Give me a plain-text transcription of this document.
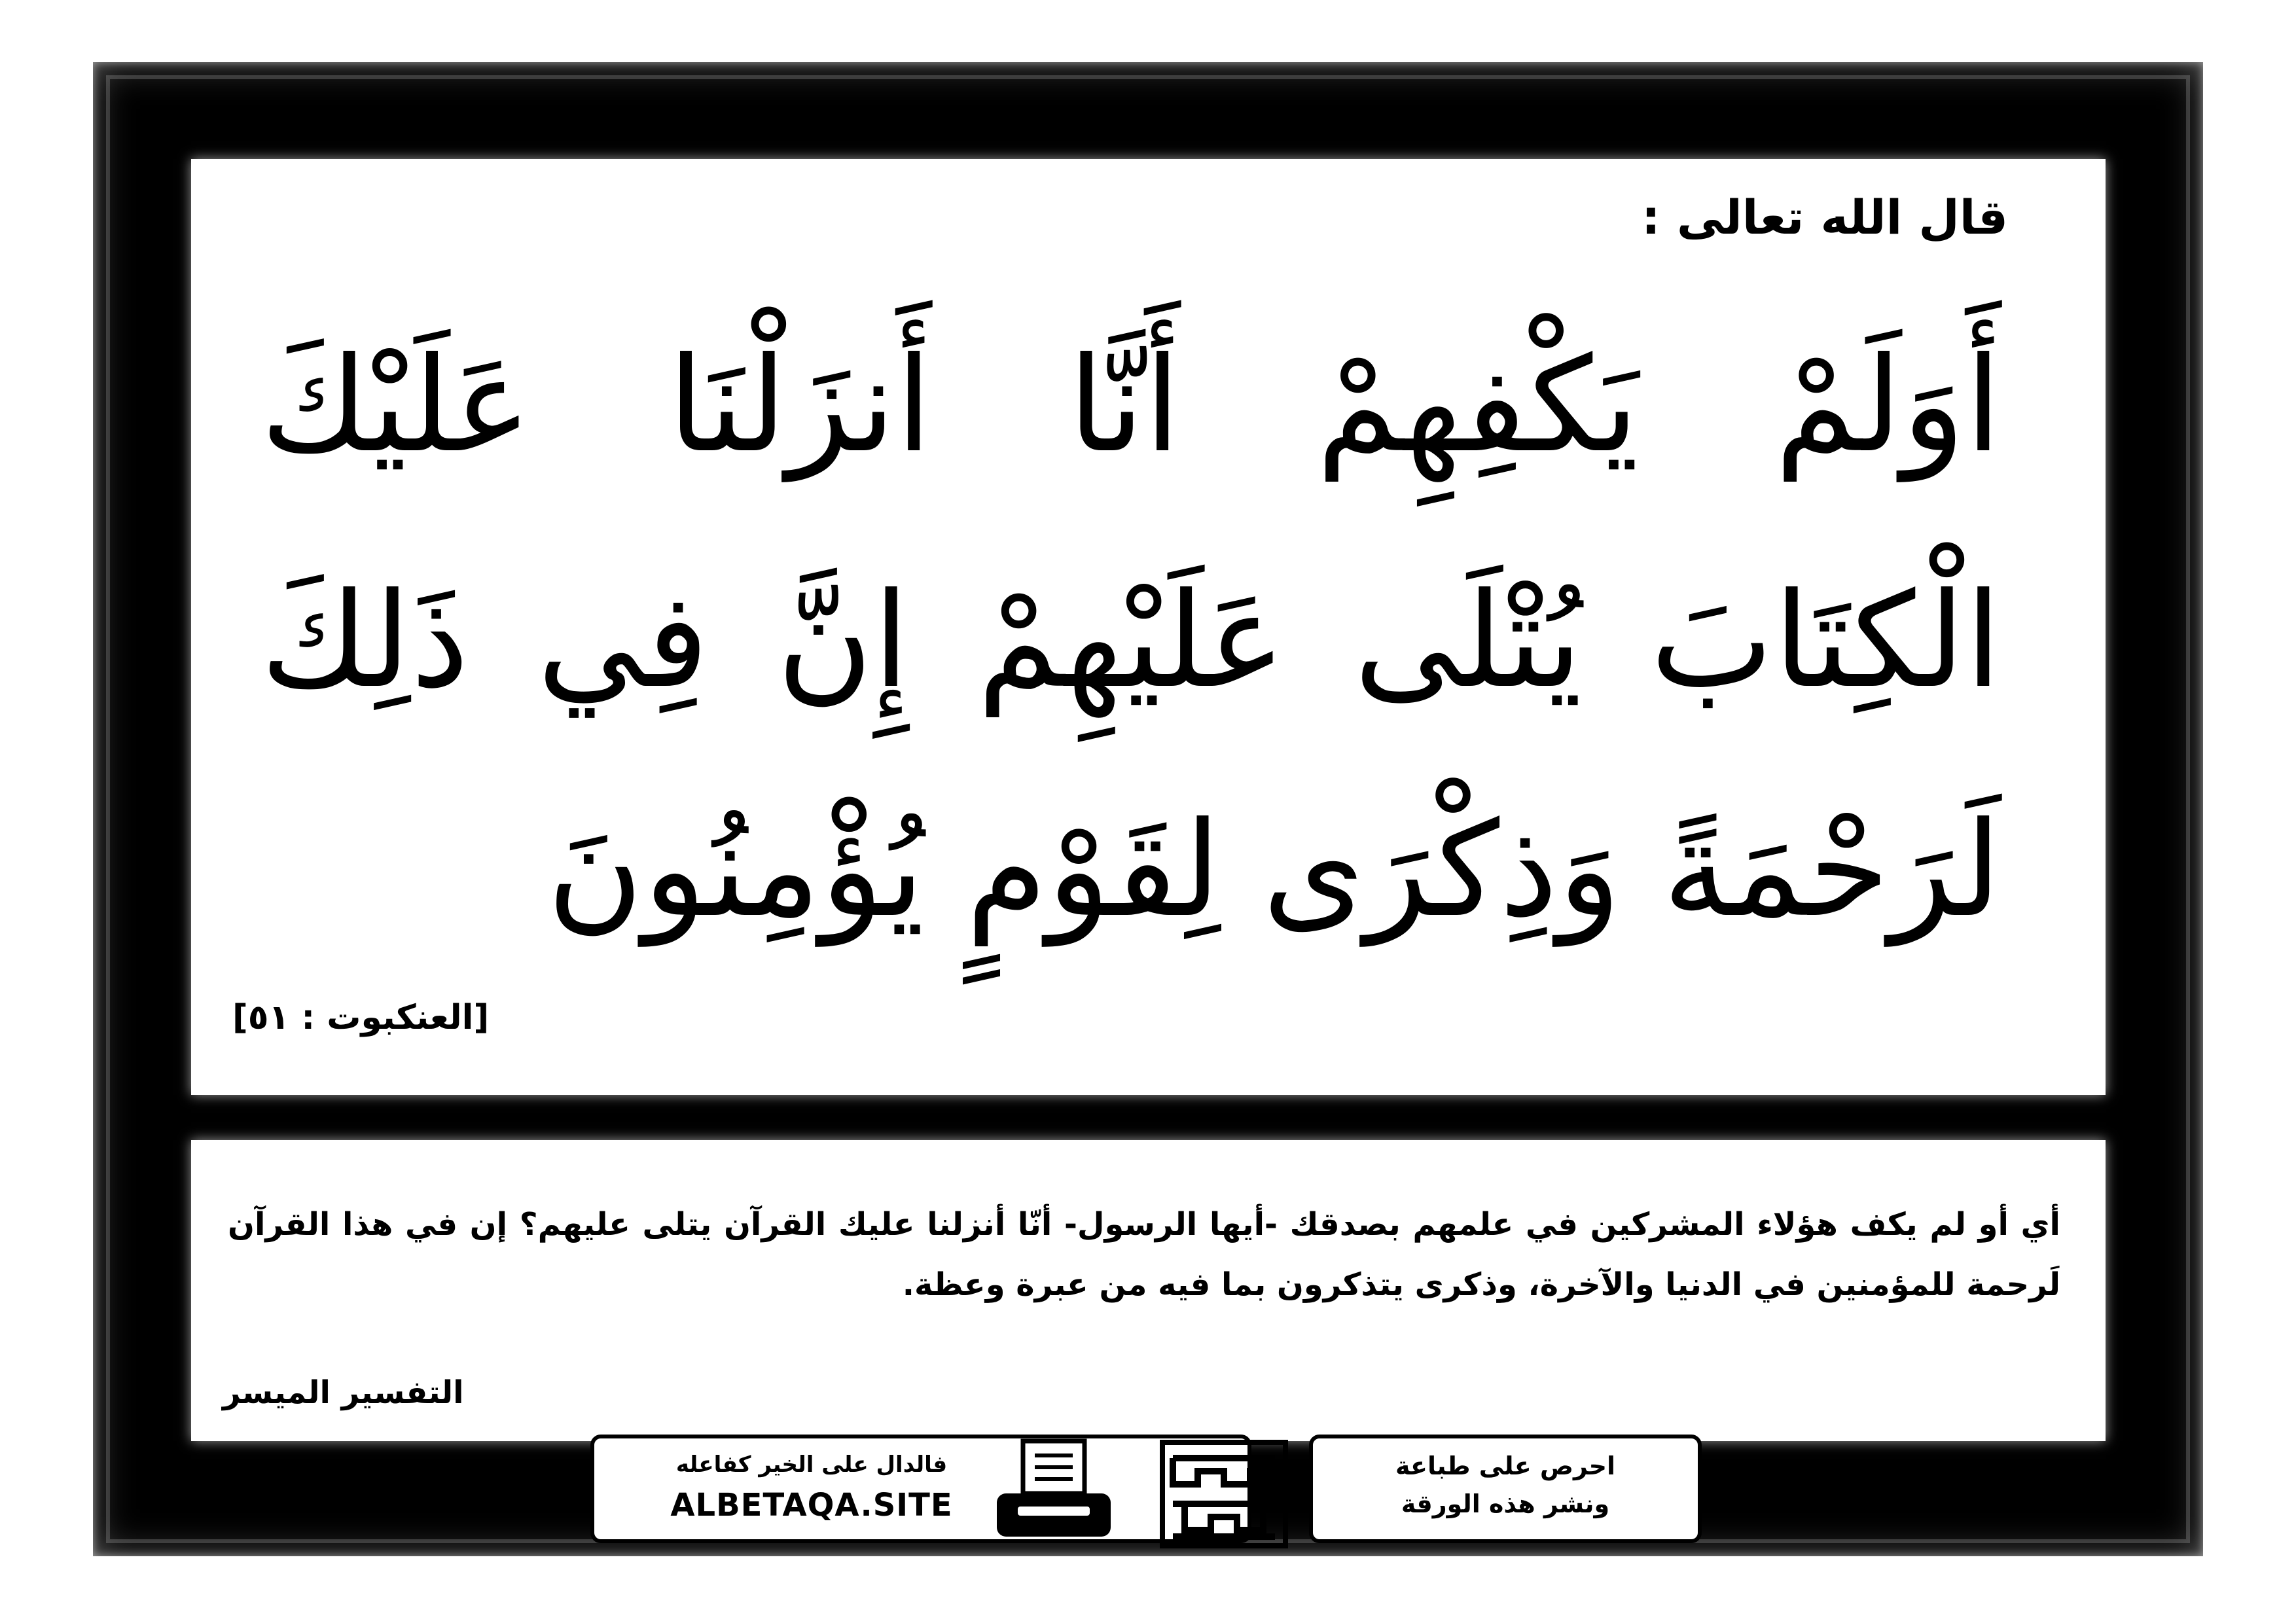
قال الله تعالى :
أَوَلَمْ يَكْفِهِمْ أَنَّا أَنزَلْنَا عَلَيْكَ
الْكِتَابَ يُتْلَى عَلَيْهِمْ إِنَّ فِي ذَلِكَ
لَرَحْمَةً وَذِكْرَى لِقَوْمٍ يُؤْمِنُونَ
[العنكبوت : ٥١]
أي أو لم يكف هؤلاء المشركين في علمهم بصدقك -أيها الرسول- أنّا أنزلنا عليك القرآن يتلى عليهم؟ إن في هذا القرآن لَرحمة للمؤمنين في الدنيا والآخرة، وذكرى يتذكرون بما فيه من عبرة وعظة.
التفسير الميسر
فالدال على الخير كفاعله
ALBETAQA.SITE
احرص على طباعة
ونشر هذه الورقة
